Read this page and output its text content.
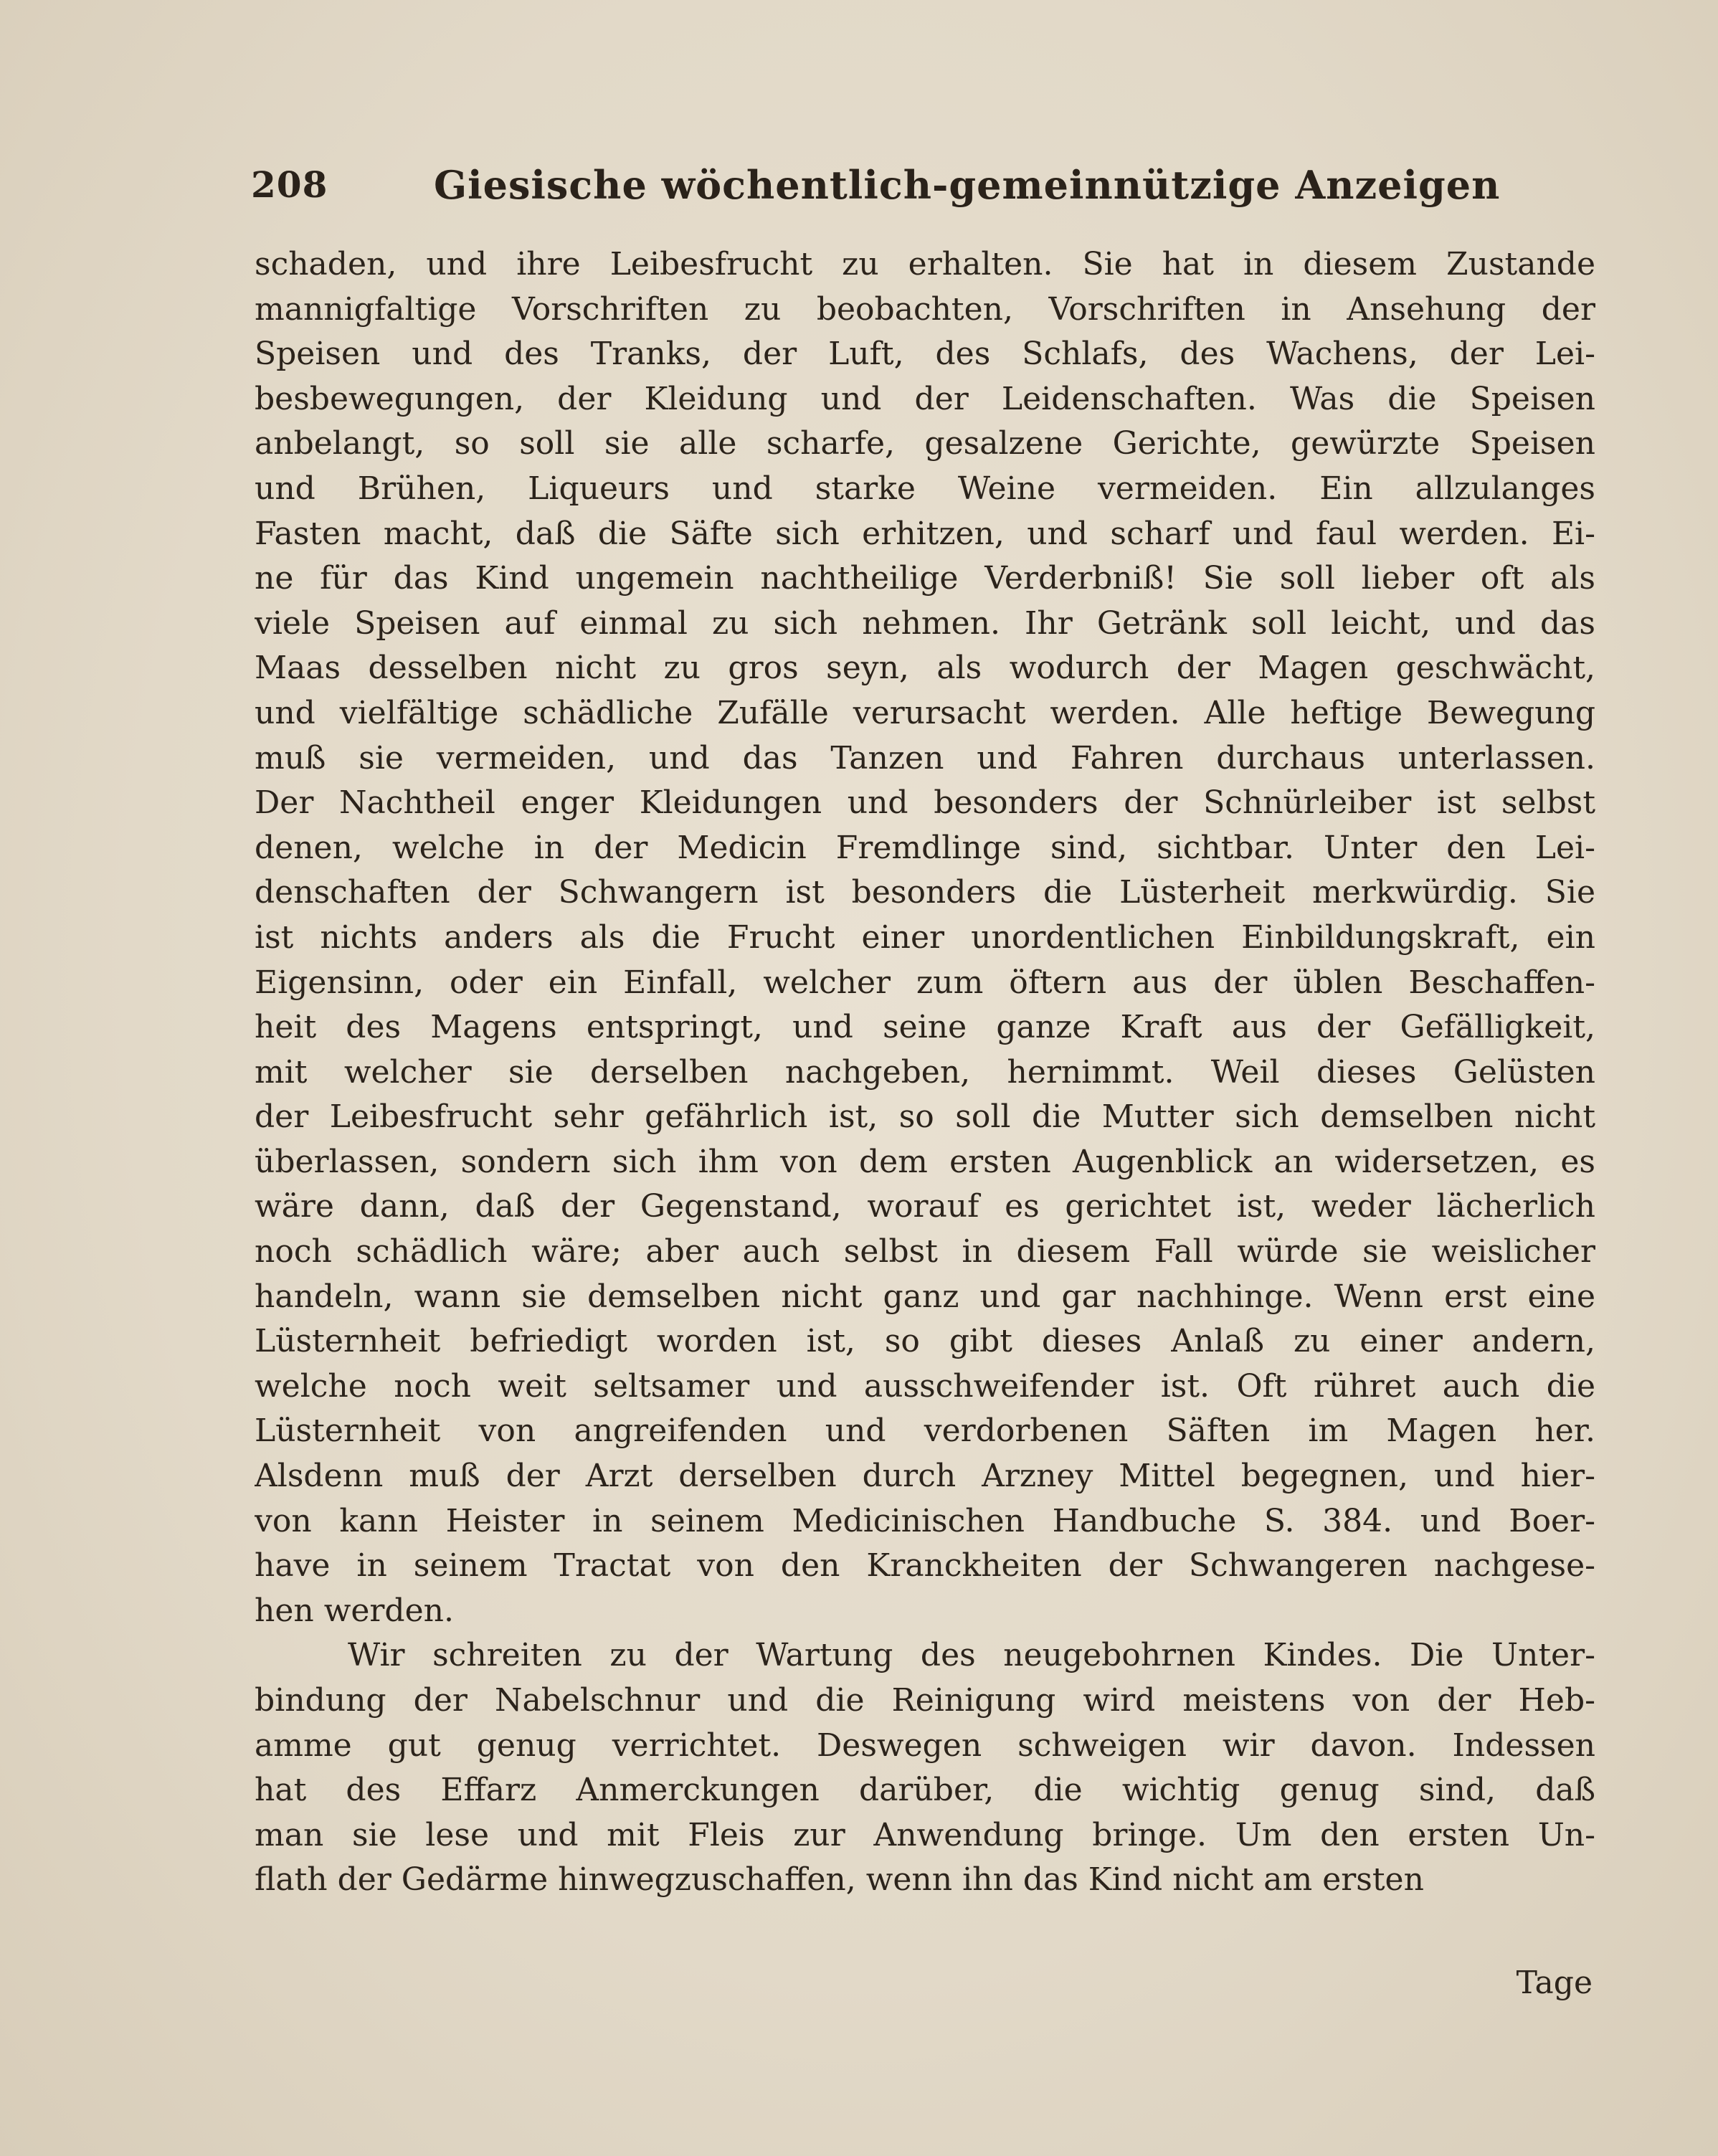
208	Giesische wöchentlich-gemeinnützige Anzeigen
schaden, und ihre Leibesfrucht zu erhalten. Sie hat in diesem Zustande
mannigfaltige Vorschriften zu beobachten, Vorschriften in Ansehung der
Speisen und des Tranks, der Luft, des Schlafs, des Wachens, der Lei-
besbewegungen, der Kleidung und der Leidenschaften. Was die Speisen
anbelangt, so soll sie alle scharfe, gesalzene Gerichte, gewürzte Speisen
und Brühen, Liqueurs und starke Weine vermeiden. Ein allzulanges
Fasten macht, daß die Säfte sich erhitzen, und scharf und faul werden. Ei-
ne für das Kind ungemein nachtheilige Verderbniß! Sie soll lieber oft als
viele Speisen auf einmal zu sich nehmen. Ihr Getränk soll leicht, und das
Maas desselben nicht zu gros seyn, als wodurch der Magen geschwächt,
und vielfältige schädliche Zufälle verursacht werden. Alle heftige Bewegung
muß sie vermeiden, und das Tanzen und Fahren durchaus unterlassen.
Der Nachtheil enger Kleidungen und besonders der Schnürleiber ist selbst
denen, welche in der Medicin Fremdlinge sind, sichtbar. Unter den Lei-
denschaften der Schwangern ist besonders die Lüsterheit merkwürdig. Sie
ist nichts anders als die Frucht einer unordentlichen Einbildungskraft, ein
Eigensinn, oder ein Einfall, welcher zum öftern aus der üblen Beschaffen-
heit des Magens entspringt, und seine ganze Kraft aus der Gefälligkeit,
mit welcher sie derselben nachgeben, hernimmt. Weil dieses Gelüsten
der Leibesfrucht sehr gefährlich ist, so soll die Mutter sich demselben nicht
überlassen, sondern sich ihm von dem ersten Augenblick an widersetzen, es
wäre dann, daß der Gegenstand, worauf es gerichtet ist, weder lächerlich
noch schädlich wäre; aber auch selbst in diesem Fall würde sie weislicher
handeln, wann sie demselben nicht ganz und gar nachhinge. Wenn erst eine
Lüsternheit befriedigt worden ist, so gibt dieses Anlaß zu einer andern,
welche noch weit seltsamer und ausschweifender ist. Oft rühret auch die
Lüsternheit von angreifenden und verdorbenen Säften im Magen her.
Alsdenn muß der Arzt derselben durch Arzney Mittel begegnen, und hier-
von kann Heister in seinem Medicinischen Handbuche S. 384. und Boer-
have in seinem Tractat von den Kranckheiten der Schwangeren nachgese-
hen werden.
Wir schreiten zu der Wartung des neugebohrnen Kindes. Die Unter-
bindung der Nabelschnur und die Reinigung wird meistens von der Heb-
amme gut genug verrichtet. Deswegen schweigen wir davon. Indessen
hat des Effarz Anmerckungen darüber, die wichtig genug sind, daß
man sie lese und mit Fleis zur Anwendung bringe. Um den ersten Un-
flath der Gedärme hinwegzuschaffen, wenn ihn das Kind nicht am ersten
Tage
